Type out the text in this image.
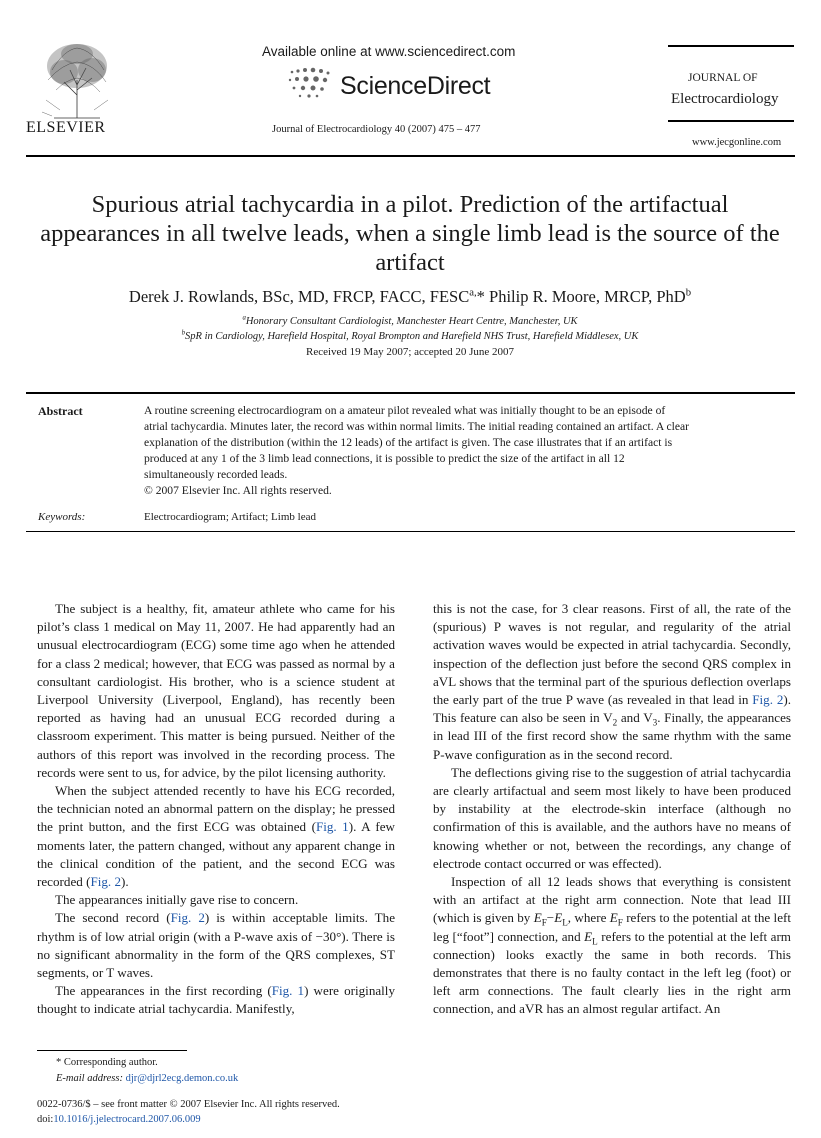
ELSEVIER
Available online at www.sciencedirect.com
ScienceDirect
Journal of Electrocardiology 40 (2007) 475 – 477
JOURNAL OF
Electrocardiology
www.jecgonline.com
Spurious atrial tachycardia in a pilot. Prediction of the artifactual appearances in all twelve leads, when a single limb lead is the source of the artifact
Derek J. Rowlands, BSc, MD, FRCP, FACC, $FESC^{a,}*$ Philip R. Moore, MRCP, PhD$^b$
$^a$Honorary Consultant Cardiologist, Manchester Heart Centre, Manchester, UK
$^b$SpR in Cardiology, Harefield Hospital, Royal Brompton and Harefield NHS Trust, Harefield Middlesex, UK
Received 19 May 2007; accepted 20 June 2007
Abstract	A routine screening electrocardiogram on a amateur pilot revealed what was initially thought to be an episode of atrial tachycardia. Minutes later, the record was within normal limits. The initial reading contained an artifact. A clear explanation of the distribution (within the 12 leads) of the artifact is given. The case illustrates that if an artifact is produced at any 1 of the 3 limb lead connections, it is possible to predict the size of the artifact in all 12 simultaneously recorded leads.
© 2007 Elsevier Inc. All rights reserved.
Keywords:	Electrocardiogram; Artifact; Limb lead

The subject is a healthy, fit, amateur athlete who came for his pilot’s class 1 medical on May 11, 2007. He had apparently had an unusual electrocardiogram (ECG) some time ago when he attended for a class 2 medical; however, that ECG was passed as normal by a consultant cardiologist. His brother, who is a science student at Liverpool University (Liverpool, England), has recently been reported as having had an unusual ECG recorded during a classroom experiment. This matter is being pursued. Neither of the authors of this report was involved in the recording process. The records were sent to us, for advice, by the pilot licensing authority.

When the subject attended recently to have his ECG recorded, the technician noted an abnormal pattern on the display; he pressed the print button, and the first ECG was obtained (Fig. 1). A few moments later, the pattern changed, without any apparent change in the clinical condition of the patient, and the second ECG was recorded (Fig. 2).

The appearances initially gave rise to concern.

The second record (Fig. 2) is within acceptable limits. The rhythm is of low atrial origin (with a P-wave axis of −30°). There is no significant abnormality in the form of the QRS complexes, ST segments, or T waves.

The appearances in the first recording (Fig. 1) were originally thought to indicate atrial tachycardia. Manifestly,

this is not the case, for 3 clear reasons. First of all, the rate of the (spurious) P waves is not regular, and regularity of the atrial activation waves would be expected in atrial tachycardia. Secondly, inspection of the deflection just before the second QRS complex in aVL shows that the terminal part of the spurious deflection overlaps the early part of the true P wave (as revealed in that lead in Fig. 2). This feature can also be seen in $V_2$ and $V_3$. Finally, the appearances in lead III of the first record show the same rhythm with the same P-wave configuration as in the second record.

The deflections giving rise to the suggestion of atrial tachycardia are clearly artifactual and seem most likely to have been produced by instability at the electrode-skin interface (although no confirmation of this is available, and the authors have no means of knowing whether or not, between the recordings, any change of electrode contact occurred or was effected).

Inspection of all 12 leads shows that everything is consistent with an artifact at the right arm connection. Note that lead III (which is given by $E_F-E_L$, where $E_F$ refers to the potential at the left leg [“foot”] connection, and $E_L$ refers to the potential at the left arm connection) looks exactly the same in both records. This demonstrates that there is no faulty contact in the left leg (foot) or left arm connections. The fault clearly lies in the right arm connection, and aVR has an almost regular artifact. An

* Corresponding author.
E-mail address: djr@djrl2ecg.demon.co.uk
0022-0736/$ – see front matter © 2007 Elsevier Inc. All rights reserved.
doi:10.1016/j.jelectrocard.2007.06.009
